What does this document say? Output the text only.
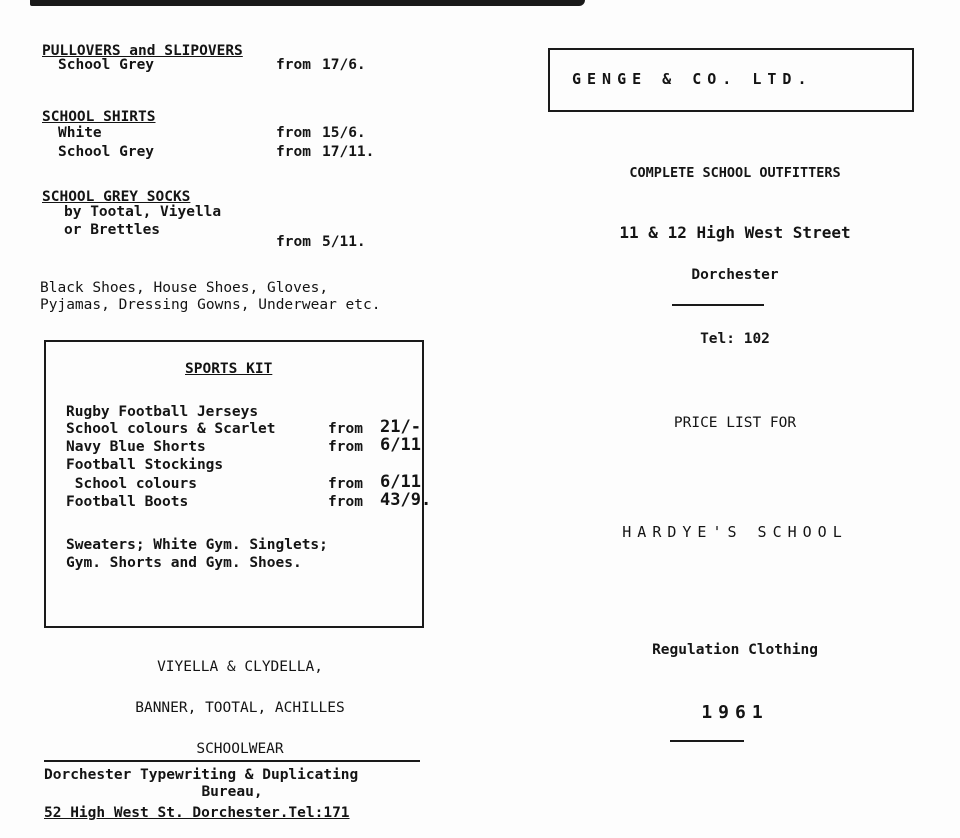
PULLOVERS and SLIPOVERS
School Grey	from 17/6.
SCHOOL SHIRTS
White	from 15/6.
School Grey	from 17/11.
SCHOOL GREY SOCKS
by Tootal, Viyella
or Brettles
from 5/11.
Black Shoes, House Shoes, Gloves,
Pyjamas, Dressing Gowns, Underwear etc.
SPORTS KIT
Rugby Football Jerseys
School colours & Scarlet	from 21/-
Navy Blue Shorts	from 6/11
Football Stockings
School colours	from 6/11
Football Boots	from 43/9.
Sweaters; White Gym. Singlets;
Gym. Shorts and Gym. Shoes.
VIYELLA & CLYDELLA,
BANNER, TOOTAL, ACHILLES
SCHOOLWEAR
Dorchester Typewriting & Duplicating
Bureau,
52 High West St. Dorchester.Tel:171
GENGE & CO. LTD.
COMPLETE SCHOOL OUTFITTERS
11 & 12 High West Street
Dorchester
Tel: 102
PRICE LIST FOR
HARDYE'S SCHOOL
Regulation Clothing
1961
